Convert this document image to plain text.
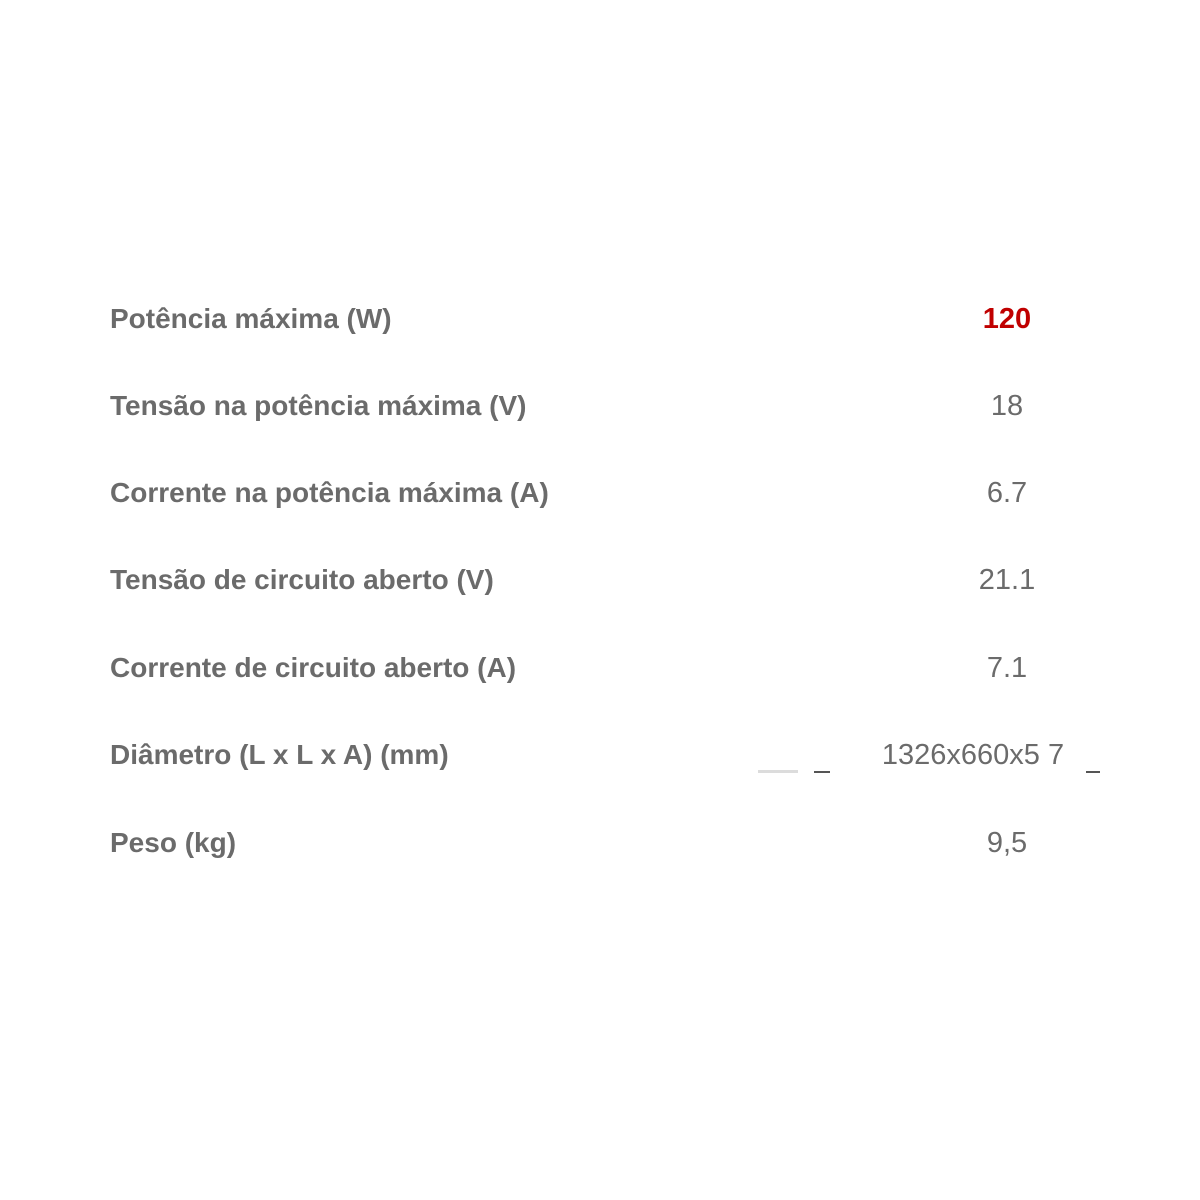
Potência máxima (W)	120
Tensão na potência máxima (V)	18
Corrente na potência máxima (A)	6.7
Tensão de circuito aberto (V)	21.1
Corrente de circuito aberto (A)	7.1
Diâmetro (L x L x A) (mm)	1326x660x5 7
Peso (kg)	9,5
